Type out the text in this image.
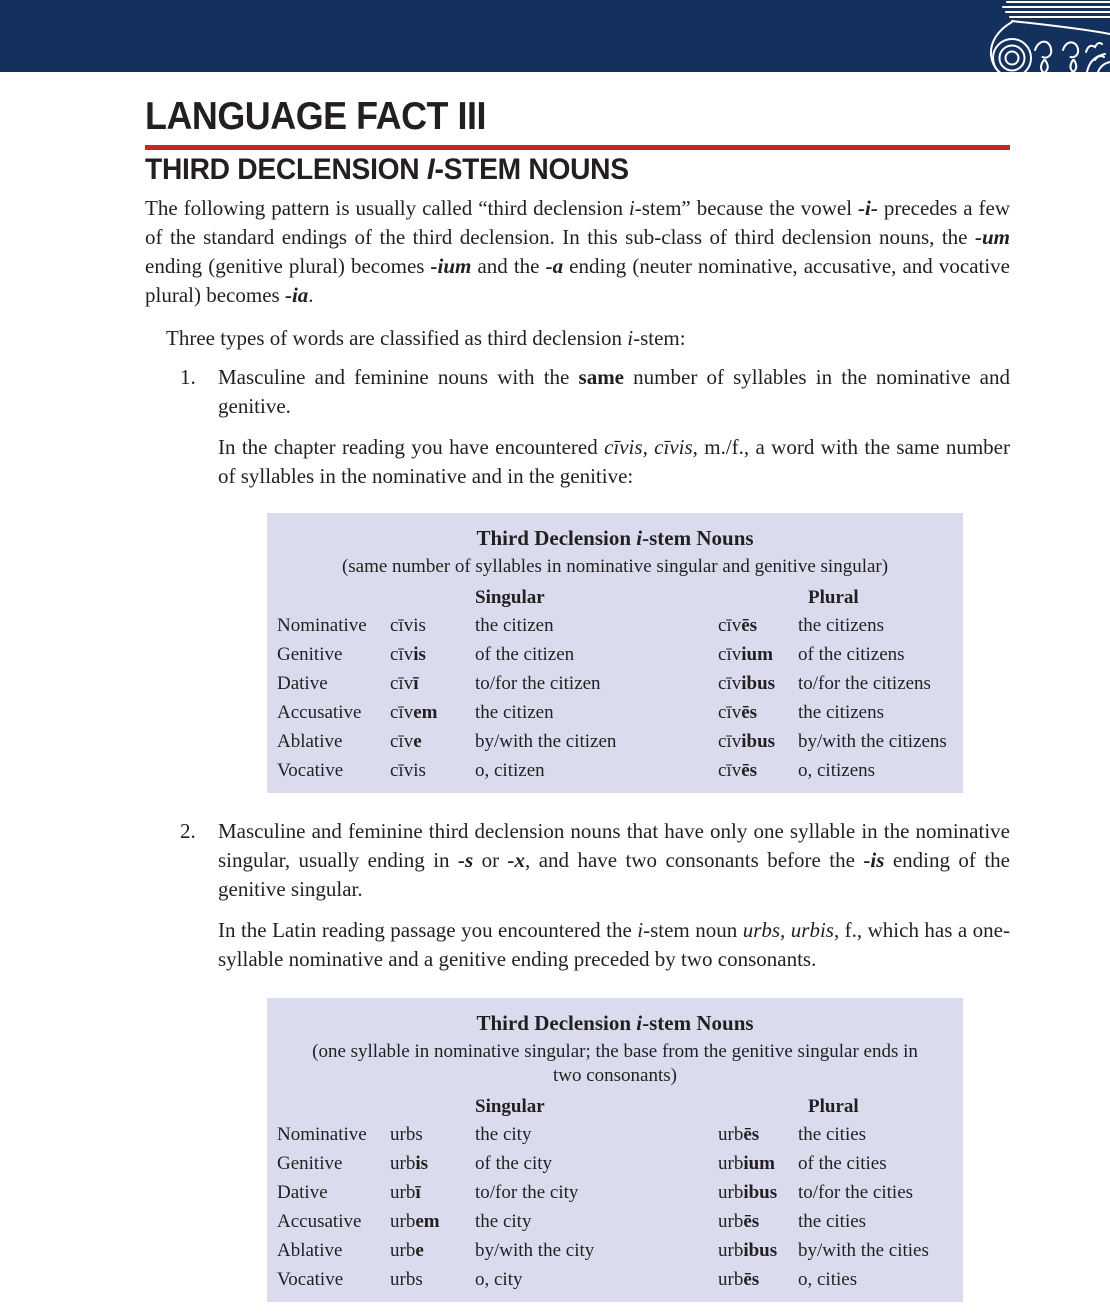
LANGUAGE FACT III
THIRD DECLENSION I-STEM NOUNS

The following pattern is usually called “third declension i-stem” because the vowel -i- precedes a few of the standard endings of the third declension. In this sub-class of third declension nouns, the -um ending (genitive plural) becomes -ium and the -a ending (neuter nominative, accusative, and vocative plural) becomes -ia.

Three types of words are classified as third declension i-stem:

1.	Masculine and feminine nouns with the same number of syllables in the nominative and genitive.

In the chapter reading you have encountered cīvis, cīvis, m./f., a word with the same number of syllables in the nominative and in the genitive:

Third Declension i-stem Nouns
(same number of syllables in nominative singular and genitive singular)
Singular	Plural
Nominative	cīvis	the citizen	cīvēs	the citizens
Genitive	cīvis	of the citizen	cīvium	of the citizens
Dative	cīvī	to/for the citizen	cīvibus	to/for the citizens
Accusative	cīvem	the citizen	cīvēs	the citizens
Ablative	cīve	by/with the citizen	cīvibus	by/with the citizens
Vocative	cīvis	o, citizen	cīvēs	o, citizens
2.	Masculine and feminine third declension nouns that have only one syllable in the nominative singular, usually ending in -s or -x, and have two consonants before the -is ending of the genitive singular.

In the Latin reading passage you encountered the i-stem noun urbs, urbis, f., which has a one-syllable nominative and a genitive ending preceded by two consonants.

Third Declension i-stem Nouns
(one syllable in nominative singular; the base from the genitive singular ends in two consonants)
Singular	Plural
Nominative	urbs	the city	urbēs	the cities
Genitive	urbis	of the city	urbium	of the cities
Dative	urbī	to/for the city	urbibus	to/for the cities
Accusative	urbem	the city	urbēs	the cities
Ablative	urbe	by/with the city	urbibus	by/with the cities
Vocative	urbs	o, city	urbēs	o, cities
